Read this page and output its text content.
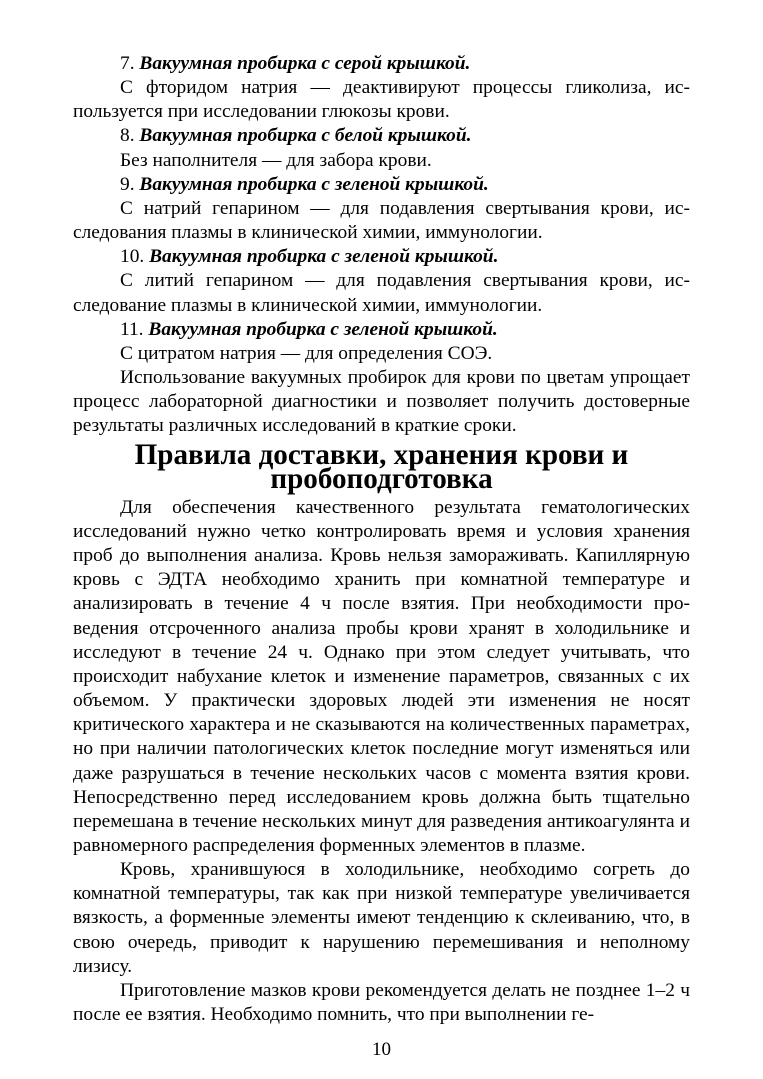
7. Вакуумная пробирка с серой крышкой.

С фторидом натрия — деактивируют процессы гликолиза, используется при исследовании глюкозы крови.

8. Вакуумная пробирка с белой крышкой.

Без наполнителя — для забора крови.

9. Вакуумная пробирка с зеленой крышкой.

С натрий гепарином — для подавления свертывания крови, исследования плазмы в клинической химии, иммунологии.

10. Вакуумная пробирка с зеленой крышкой.

С литий гепарином — для подавления свертывания крови, исследование плазмы в клинической химии, иммунологии.

11. Вакуумная пробирка с зеленой крышкой.

С цитратом натрия — для определения СОЭ.

Использование вакуумных пробирок для крови по цветам упрощает процесс лабораторной диагностики и позволяет получить достоверные результаты различных исследований в краткие сроки.

Правила доставки, хранения крови и пробоподготовка

Для обеспечения качественного результата гематологических исследований нужно четко контролировать время и условия хранения проб до выполнения анализа. Кровь нельзя замораживать. Капиллярную кровь с ЭДТА необходимо хранить при комнатной температуре и анализировать в течение 4 ч после взятия. При необходимости проведения отсроченного анализа пробы крови хранят в холодильнике и исследуют в течение 24 ч. Однако при этом следует учитывать, что происходит набухание клеток и изменение параметров, связанных с их объемом. У практически здоровых людей эти изменения не носят критического характера и не сказываются на количественных параметрах, но при наличии патологических клеток последние могут изменяться или даже разрушаться в течение нескольких часов с момента взятия крови. Непосредственно перед исследованием кровь должна быть тщательно перемешана в течение нескольких минут для разведения антикоагулянта и равномерного распределения форменных элементов в плазме.

Кровь, хранившуюся в холодильнике, необходимо согреть до комнатной температуры, так как при низкой температуре увеличивается вязкость, а форменные элементы имеют тенденцию к склеиванию, что, в свою очередь, приводит к нарушению перемешивания и неполному лизису.

Приготовление мазков крови рекомендуется делать не позднее 1–2 ч после ее взятия. Необходимо помнить, что при выполнении ге-

10
